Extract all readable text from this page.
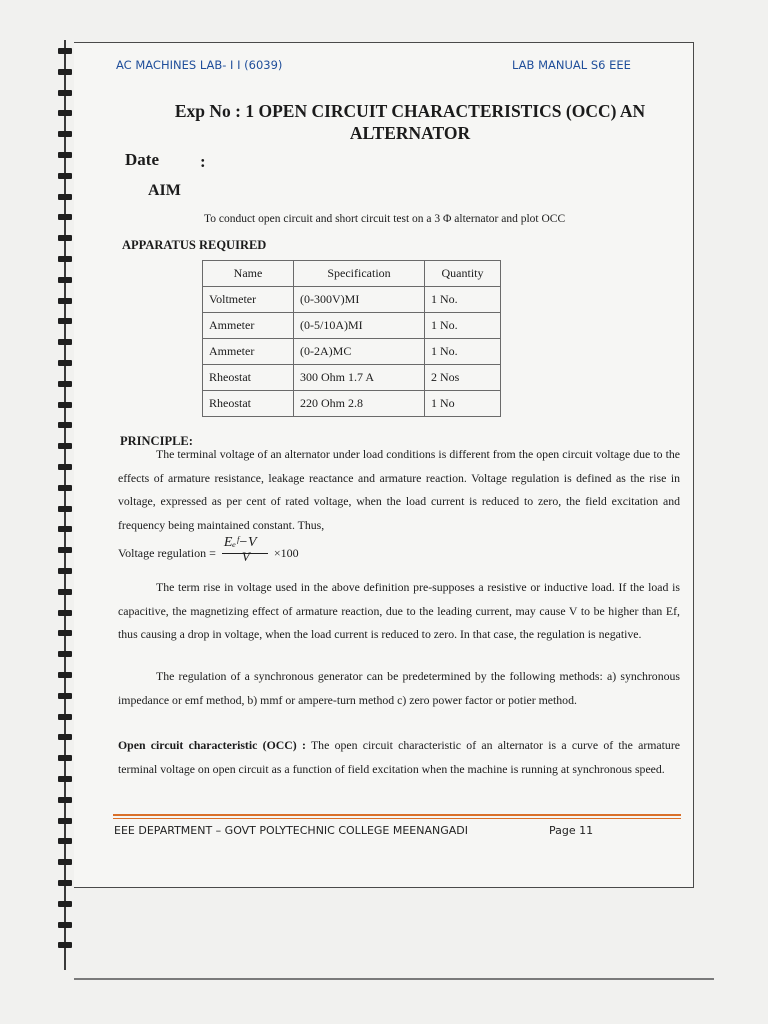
AC MACHINES LAB- I I (6039)	LAB MANUAL S6 EEE
Exp No : 1 OPEN CIRCUIT CHARACTERISTICS (OCC) AN
ALTERNATOR
Date :
AIM
To conduct open circuit and short circuit test on a 3 Φ alternator and plot OCC
APPARATUS REQUIRED
Name	Specification	Quantity
Voltmeter	(0-300V)MI	1 No.
Ammeter	(0-5/10A)MI	1 No.
Ammeter	(0-2A)MC	1 No.
Rheostat	300 Ohm 1.7 A	2 Nos
Rheostat	220 Ohm 2.8	1 No
PRINCIPLE:
The terminal voltage of an alternator under load conditions is different from the open circuit voltage due to the effects of armature resistance, leakage reactance and armature reaction. Voltage regulation is defined as the rise in voltage, expressed as per cent of rated voltage, when the load current is reduced to zero, the field excitation and frequency being maintained constant. Thus,
Voltage regulation = $\frac{\text{Eₑᶠ−V}}{V} \times 100$
The term rise in voltage used in the above definition pre-supposes a resistive or inductive load. If the load is capacitive, the magnetizing effect of armature reaction, due to the leading current, may cause V to be higher than Ef, thus causing a drop in voltage, when the load current is reduced to zero. In that case, the regulation is negative.
The regulation of a synchronous generator can be predetermined by the following methods: a) synchronous impedance or emf method, b) mmf or ampere-turn method c) zero power factor or potier method.
Open circuit characteristic (OCC) : The open circuit characteristic of an alternator is a curve of the armature terminal voltage on open circuit as a function of field excitation when the machine is running at synchronous speed.
EEE DEPARTMENT – GOVT POLYTECHNIC COLLEGE MEENANGADI	Page 11
